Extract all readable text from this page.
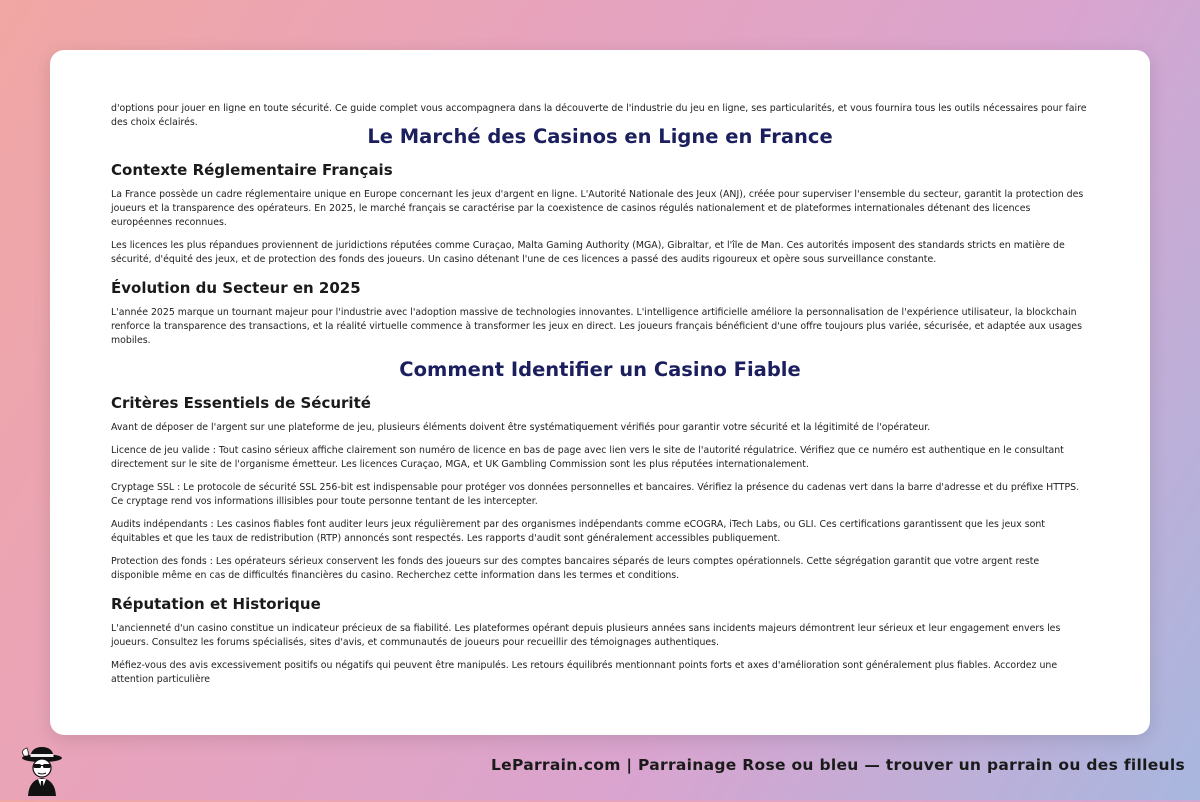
d'options pour jouer en ligne en toute sécurité. Ce guide complet vous accompagnera dans la découverte de l'industrie du jeu en ligne, ses particularités, et vous fournira tous les outils nécessaires pour faire des choix éclairés.

Le Marché des Casinos en Ligne en France
Contexte Réglementaire Français

La France possède un cadre réglementaire unique en Europe concernant les jeux d'argent en ligne. L'Autorité Nationale des Jeux (ANJ), créée pour superviser l'ensemble du secteur, garantit la protection des joueurs et la transparence des opérateurs. En 2025, le marché français se caractérise par la coexistence de casinos régulés nationalement et de plateformes internationales détenant des licences européennes reconnues.

Les licences les plus répandues proviennent de juridictions réputées comme Curaçao, Malta Gaming Authority (MGA), Gibraltar, et l'île de Man. Ces autorités imposent des standards stricts en matière de sécurité, d'équité des jeux, et de protection des fonds des joueurs. Un casino détenant l'une de ces licences a passé des audits rigoureux et opère sous surveillance constante.

Évolution du Secteur en 2025

L'année 2025 marque un tournant majeur pour l'industrie avec l'adoption massive de technologies innovantes. L'intelligence artificielle améliore la personnalisation de l'expérience utilisateur, la blockchain renforce la transparence des transactions, et la réalité virtuelle commence à transformer les jeux en direct. Les joueurs français bénéficient d'une offre toujours plus variée, sécurisée, et adaptée aux usages mobiles.

Comment Identifier un Casino Fiable
Critères Essentiels de Sécurité

Avant de déposer de l'argent sur une plateforme de jeu, plusieurs éléments doivent être systématiquement vérifiés pour garantir votre sécurité et la légitimité de l'opérateur.

Licence de jeu valide : Tout casino sérieux affiche clairement son numéro de licence en bas de page avec lien vers le site de l'autorité régulatrice. Vérifiez que ce numéro est authentique en le consultant directement sur le site de l'organisme émetteur. Les licences Curaçao, MGA, et UK Gambling Commission sont les plus réputées internationalement.

Cryptage SSL : Le protocole de sécurité SSL 256-bit est indispensable pour protéger vos données personnelles et bancaires. Vérifiez la présence du cadenas vert dans la barre d'adresse et du préfixe HTTPS. Ce cryptage rend vos informations illisibles pour toute personne tentant de les intercepter.

Audits indépendants : Les casinos fiables font auditer leurs jeux régulièrement par des organismes indépendants comme eCOGRA, iTech Labs, ou GLI. Ces certifications garantissent que les jeux sont équitables et que les taux de redistribution (RTP) annoncés sont respectés. Les rapports d'audit sont généralement accessibles publiquement.

Protection des fonds : Les opérateurs sérieux conservent les fonds des joueurs sur des comptes bancaires séparés de leurs comptes opérationnels. Cette ségrégation garantit que votre argent reste disponible même en cas de difficultés financières du casino. Recherchez cette information dans les termes et conditions.

Réputation et Historique

L'ancienneté d'un casino constitue un indicateur précieux de sa fiabilité. Les plateformes opérant depuis plusieurs années sans incidents majeurs démontrent leur sérieux et leur engagement envers les joueurs. Consultez les forums spécialisés, sites d'avis, et communautés de joueurs pour recueillir des témoignages authentiques.

Méfiez-vous des avis excessivement positifs ou négatifs qui peuvent être manipulés. Les retours équilibrés mentionnant points forts et axes d'amélioration sont généralement plus fiables. Accordez une attention particulière

LeParrain.com | Parrainage Rose ou bleu — trouver un parrain ou des filleuls
